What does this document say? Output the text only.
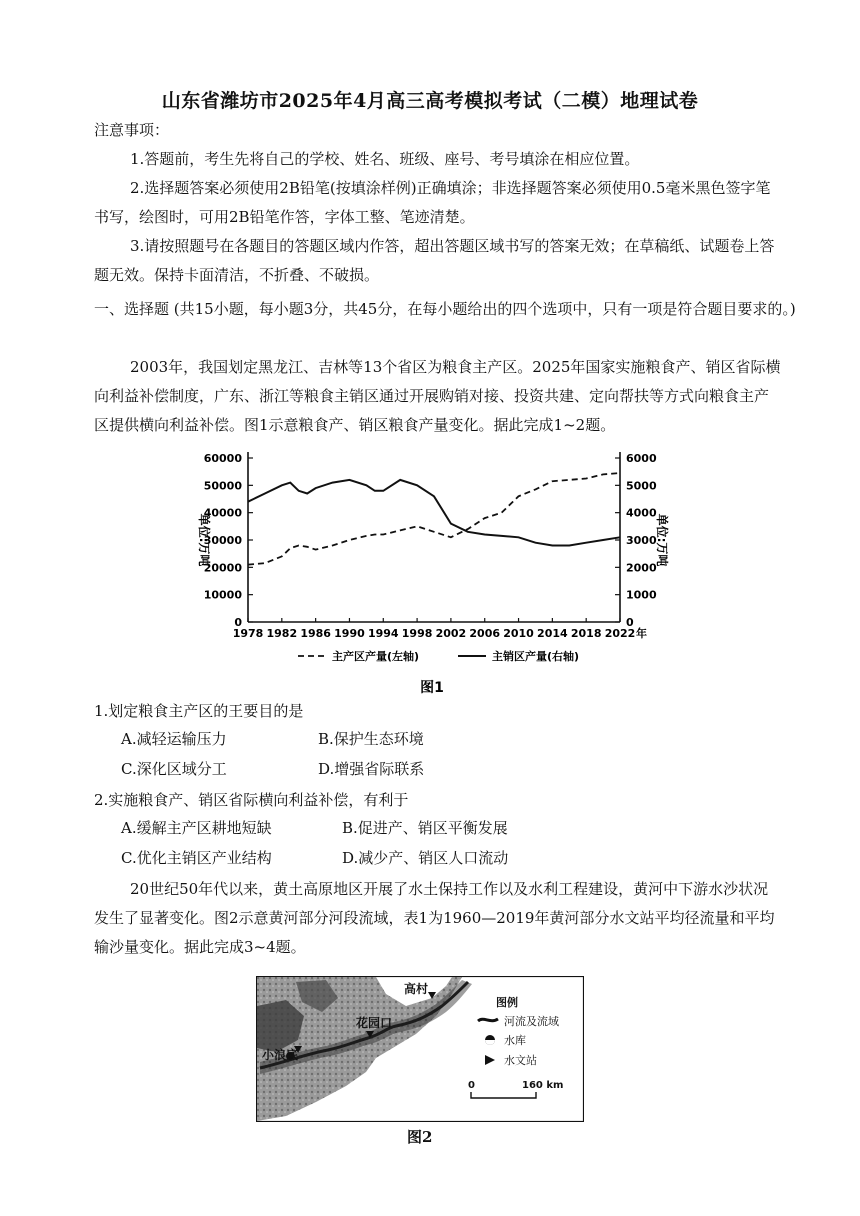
山东省潍坊市2025年4月高三高考模拟考试（二模）地理试卷
注意事项：
1.答题前，考生先将自己的学校、姓名、班级、座号、考号填涂在相应位置。
2.选择题答案必须使用2B铅笔(按填涂样例)正确填涂；非选择题答案必须使用0.5毫米黑色签字笔书写，绘图时，可用2B铅笔作答，字体工整、笔迹清楚。
3.请按照题号在各题目的答题区域内作答，超出答题区域书写的答案无效；在草稿纸、试题卷上答题无效。保持卡面清洁，不折叠、不破损。
一、选择题 (共15小题，每小题3分，共45分，在每小题给出的四个选项中，只有一项是符合题目要求的。)
2003年，我国划定黑龙江、吉林等13个省区为粮食主产区。2025年国家实施粮食产、销区省际横向利益补偿制度，广东、浙江等粮食主销区通过开展购销对接、投资共建、定向帮扶等方式向粮食主产区提供横向利益补偿。图1示意粮食产、销区粮食产量变化。据此完成1~2题。
0
10000
20000
30000
40000
50000
60000
0
1000
2000
3000
4000
5000
6000
1978 1982 1986 1990 1994 1998 2002 2006 2010 2014 2018 2022 年
单位:万吨	单位:万吨
主产区产量(左轴)	主销区产量(右轴)
图1
1.划定粮食主产区的王要目的是
A.减轻运输压力	B.保护生态环境
C.深化区域分工	D.增强省际联系
2.实施粮食产、销区省际横向利益补偿，有利于
A.缓解主产区耕地短缺	B.促进产、销区平衡发展
C.优化主销区产业结构	D.减少产、销区人口流动
20世纪50年代以来，黄土高原地区开展了水土保持工作以及水利工程建设，黄河中下游水沙状况发生了显著变化。图2示意黄河部分河段流域，表1为1960—2019年黄河部分水文站平均径流量和平均输沙量变化。据此完成3~4题。
高村
花园口
小浪底
图例
河流及流域
水库
水文站
0	160 km
图2
